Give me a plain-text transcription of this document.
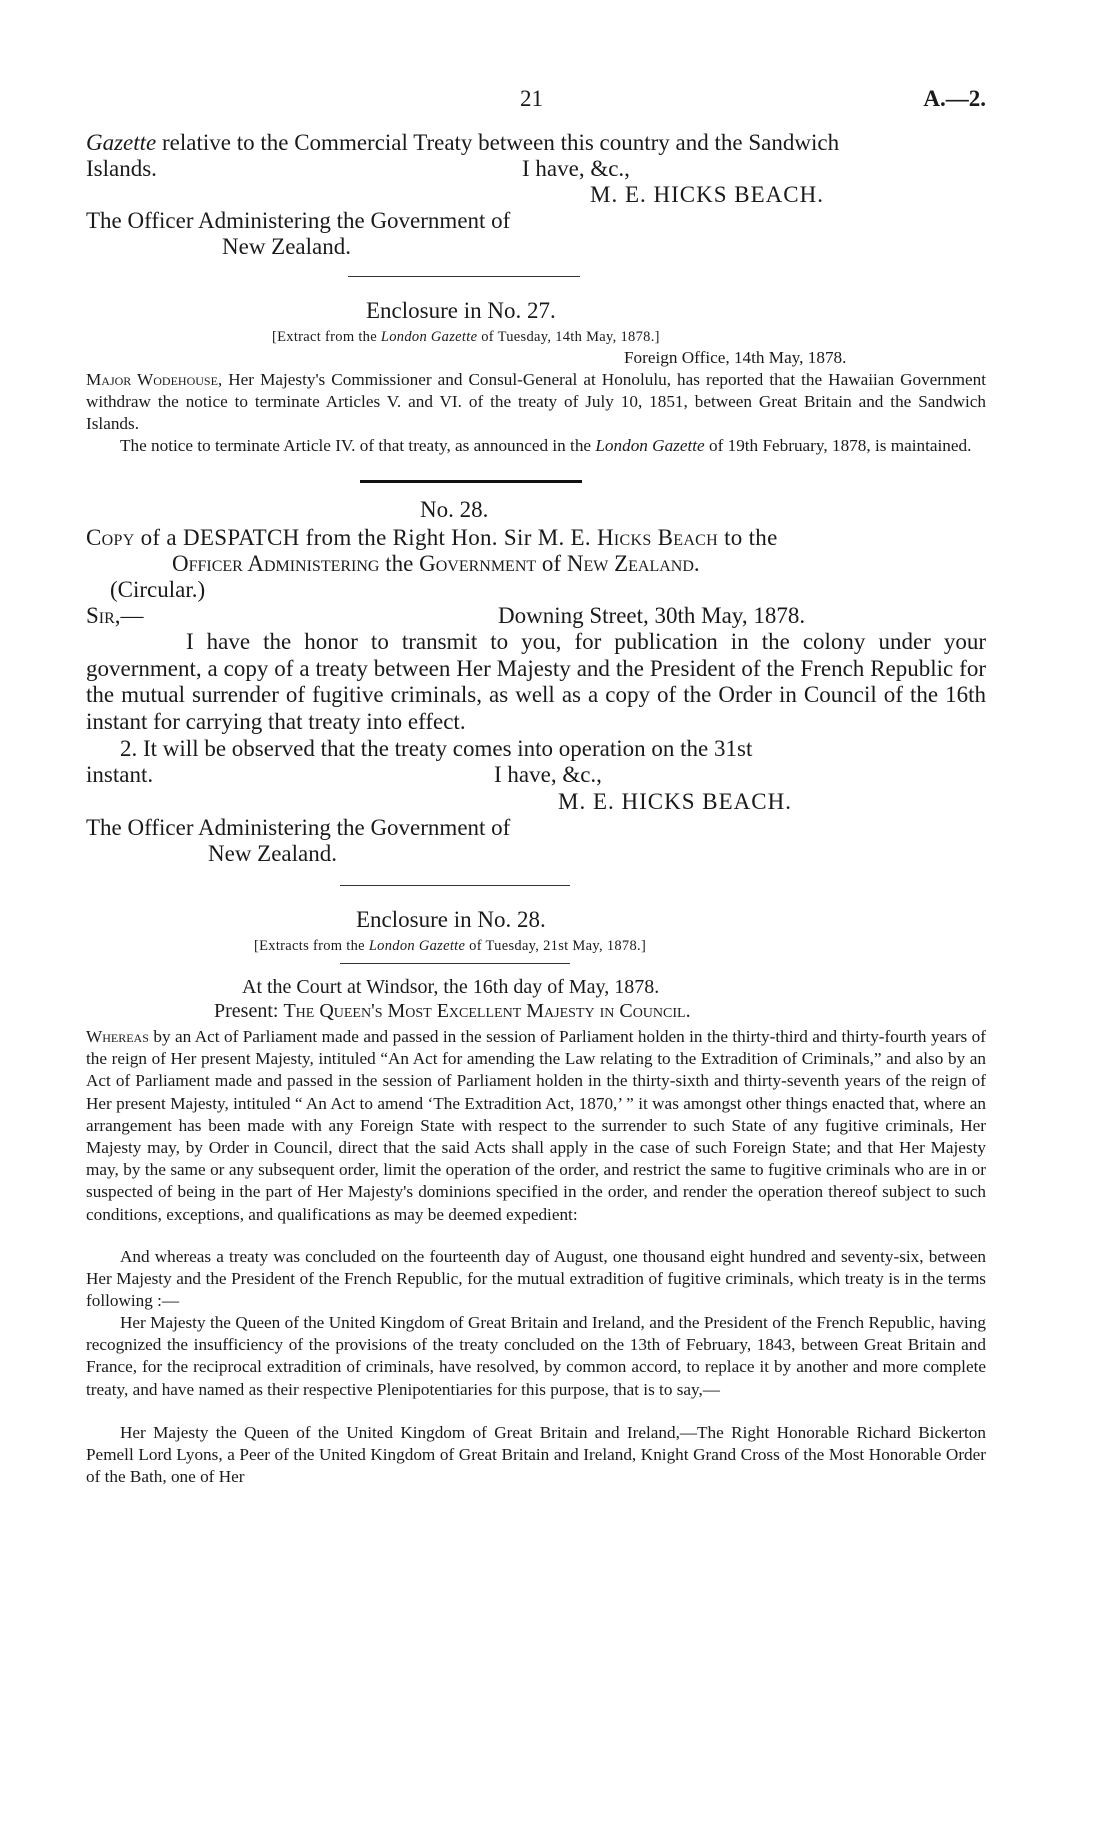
21	A.—2.
Gazette relative to the Commercial Treaty between this country and the Sandwich
Islands.	I have, &c.,
M. E. HICKS BEACH.
The Officer Administering the Government of
New Zealand.
Enclosure in No. 27.
[Extract from the London Gazette of Tuesday, 14th May, 1878.]
Foreign Office, 14th May, 1878.
Major Wodehouse, Her Majesty's Commissioner and Consul-General at Honolulu, has reported that the Hawaiian Government withdraw the notice to terminate Articles V. and VI. of the treaty of July 10, 1851, between Great Britain and the Sandwich Islands.
The notice to terminate Article IV. of that treaty, as announced in the London Gazette of 19th February, 1878, is maintained.
No. 28.
Copy of a DESPATCH from the Right Hon. Sir M. E. Hicks Beach to the
Officer Administering the Government of New Zealand.
(Circular.)
Sir,—	Downing Street, 30th May, 1878.
I have the honor to transmit to you, for publication in the colony under your government, a copy of a treaty between Her Majesty and the President of the French Republic for the mutual surrender of fugitive criminals, as well as a copy of the Order in Council of the 16th instant for carrying that treaty into effect.
2. It will be observed that the treaty comes into operation on the 31st
instant.	I have, &c.,
M. E. HICKS BEACH.
The Officer Administering the Government of
New Zealand.
Enclosure in No. 28.
[Extracts from the London Gazette of Tuesday, 21st May, 1878.]
At the Court at Windsor, the 16th day of May, 1878.
Present: The Queen's Most Excellent Majesty in Council.
Whereas by an Act of Parliament made and passed in the session of Parliament holden in the thirty-third and thirty-fourth years of the reign of Her present Majesty, intituled “An Act for amending the Law relating to the Extradition of Criminals,” and also by an Act of Parliament made and passed in the session of Parliament holden in the thirty-sixth and thirty-seventh years of the reign of Her present Majesty, intituled “ An Act to amend ‘The Extradition Act, 1870,’ ” it was amongst other things enacted that, where an arrangement has been made with any Foreign State with respect to the surrender to such State of any fugitive criminals, Her Majesty may, by Order in Council, direct that the said Acts shall apply in the case of such Foreign State; and that Her Majesty may, by the same or any subsequent order, limit the operation of the order, and restrict the same to fugitive criminals who are in or suspected of being in the part of Her Majesty's dominions specified in the order, and render the operation thereof subject to such conditions, exceptions, and qualifications as may be deemed expedient:
And whereas a treaty was concluded on the fourteenth day of August, one thousand eight hundred and seventy-six, between Her Majesty and the President of the French Republic, for the mutual extradition of fugitive criminals, which treaty is in the terms following :—
Her Majesty the Queen of the United Kingdom of Great Britain and Ireland, and the President of the French Republic, having recognized the insufficiency of the provisions of the treaty concluded on the 13th of February, 1843, between Great Britain and France, for the reciprocal extradition of criminals, have resolved, by common accord, to replace it by another and more complete treaty, and have named as their respective Plenipotentiaries for this purpose, that is to say,—
Her Majesty the Queen of the United Kingdom of Great Britain and Ireland,—The Right Honorable Richard Bickerton Pemell Lord Lyons, a Peer of the United Kingdom of Great Britain and Ireland, Knight Grand Cross of the Most Honorable Order of the Bath, one of Her
